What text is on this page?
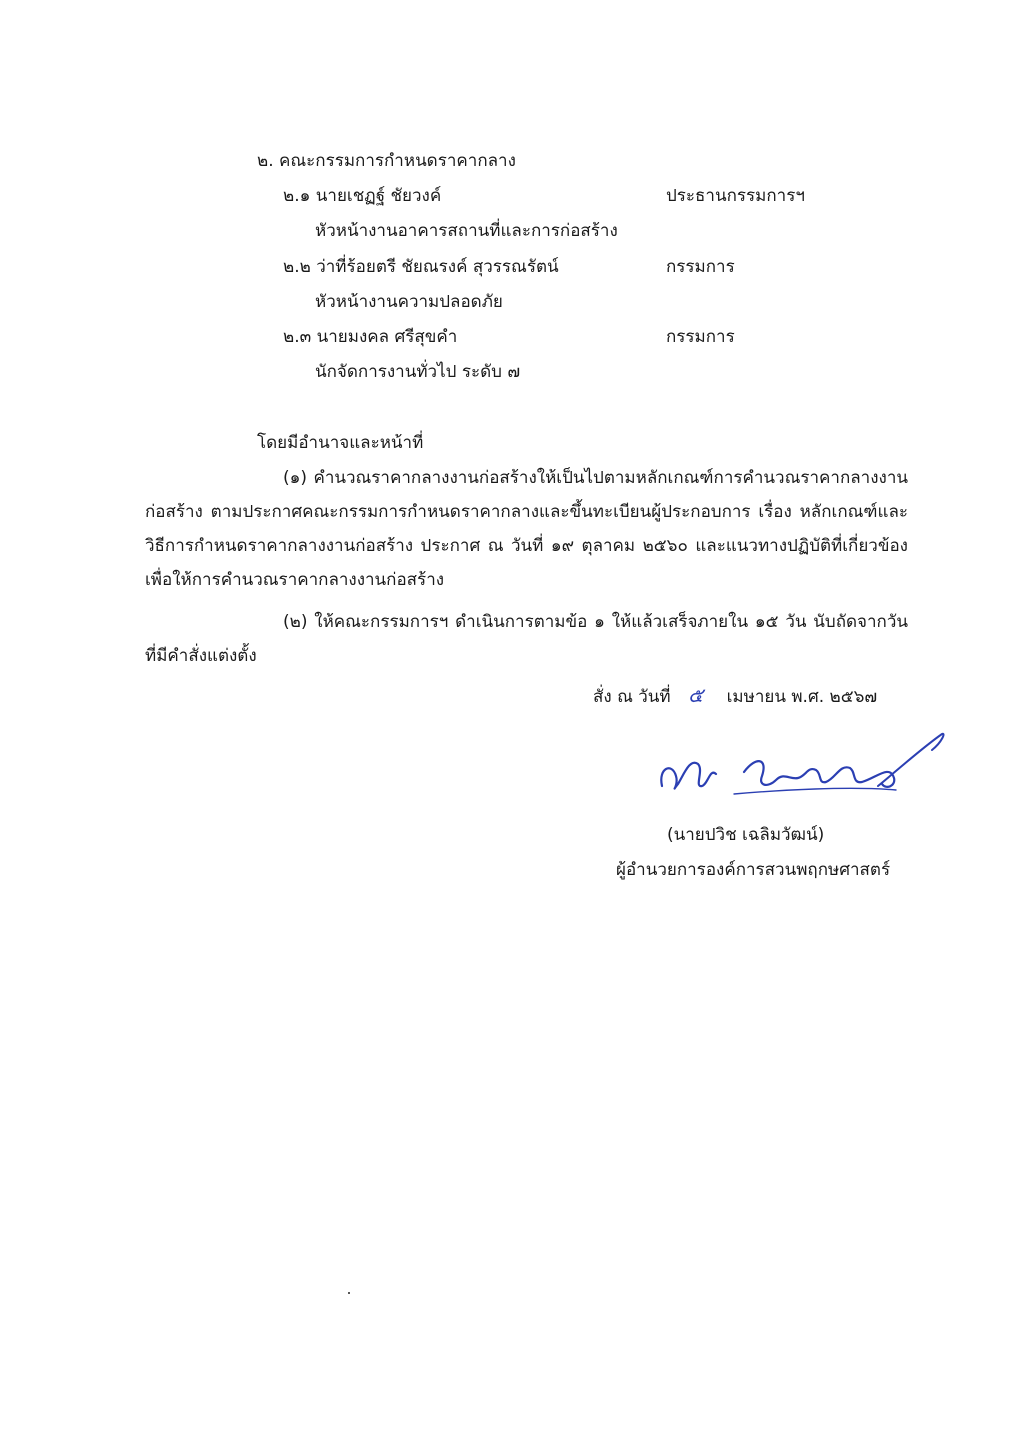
๒. คณะกรรมการกำหนดราคากลาง
๒.๑ นายเชฏฐ์ ชัยวงค์	ประธานกรรมการฯ
หัวหน้างานอาคารสถานที่และการก่อสร้าง
๒.๒ ว่าที่ร้อยตรี ชัยณรงค์ สุวรรณรัตน์	กรรมการ
หัวหน้างานความปลอดภัย
๒.๓ นายมงคล ศรีสุขคำ	กรรมการ
นักจัดการงานทั่วไป ระดับ ๗
โดยมีอำนาจและหน้าที่
(๑) คำนวณราคากลางงานก่อสร้างให้เป็นไปตามหลักเกณฑ์การคำนวณราคากลางงานก่อสร้าง ตามประกาศคณะกรรมการกำหนดราคากลางและขึ้นทะเบียนผู้ประกอบการ เรื่อง หลักเกณฑ์และวิธีการกำหนดราคากลางงานก่อสร้าง ประกาศ ณ วันที่ ๑๙ ตุลาคม ๒๕๖๐ และแนวทางปฏิบัติที่เกี่ยวข้องเพื่อให้การคำนวณราคากลางงานก่อสร้าง
(๒) ให้คณะกรรมการฯ ดำเนินการตามข้อ ๑ ให้แล้วเสร็จภายใน ๑๕ วัน นับถัดจากวันที่มีคำสั่งแต่งตั้ง
สั่ง ณ วันที่ ๕ เมษายน พ.ศ. ๒๕๖๗
(นายปวิช เฉลิมวัฒน์)
ผู้อำนวยการองค์การสวนพฤกษศาสตร์
